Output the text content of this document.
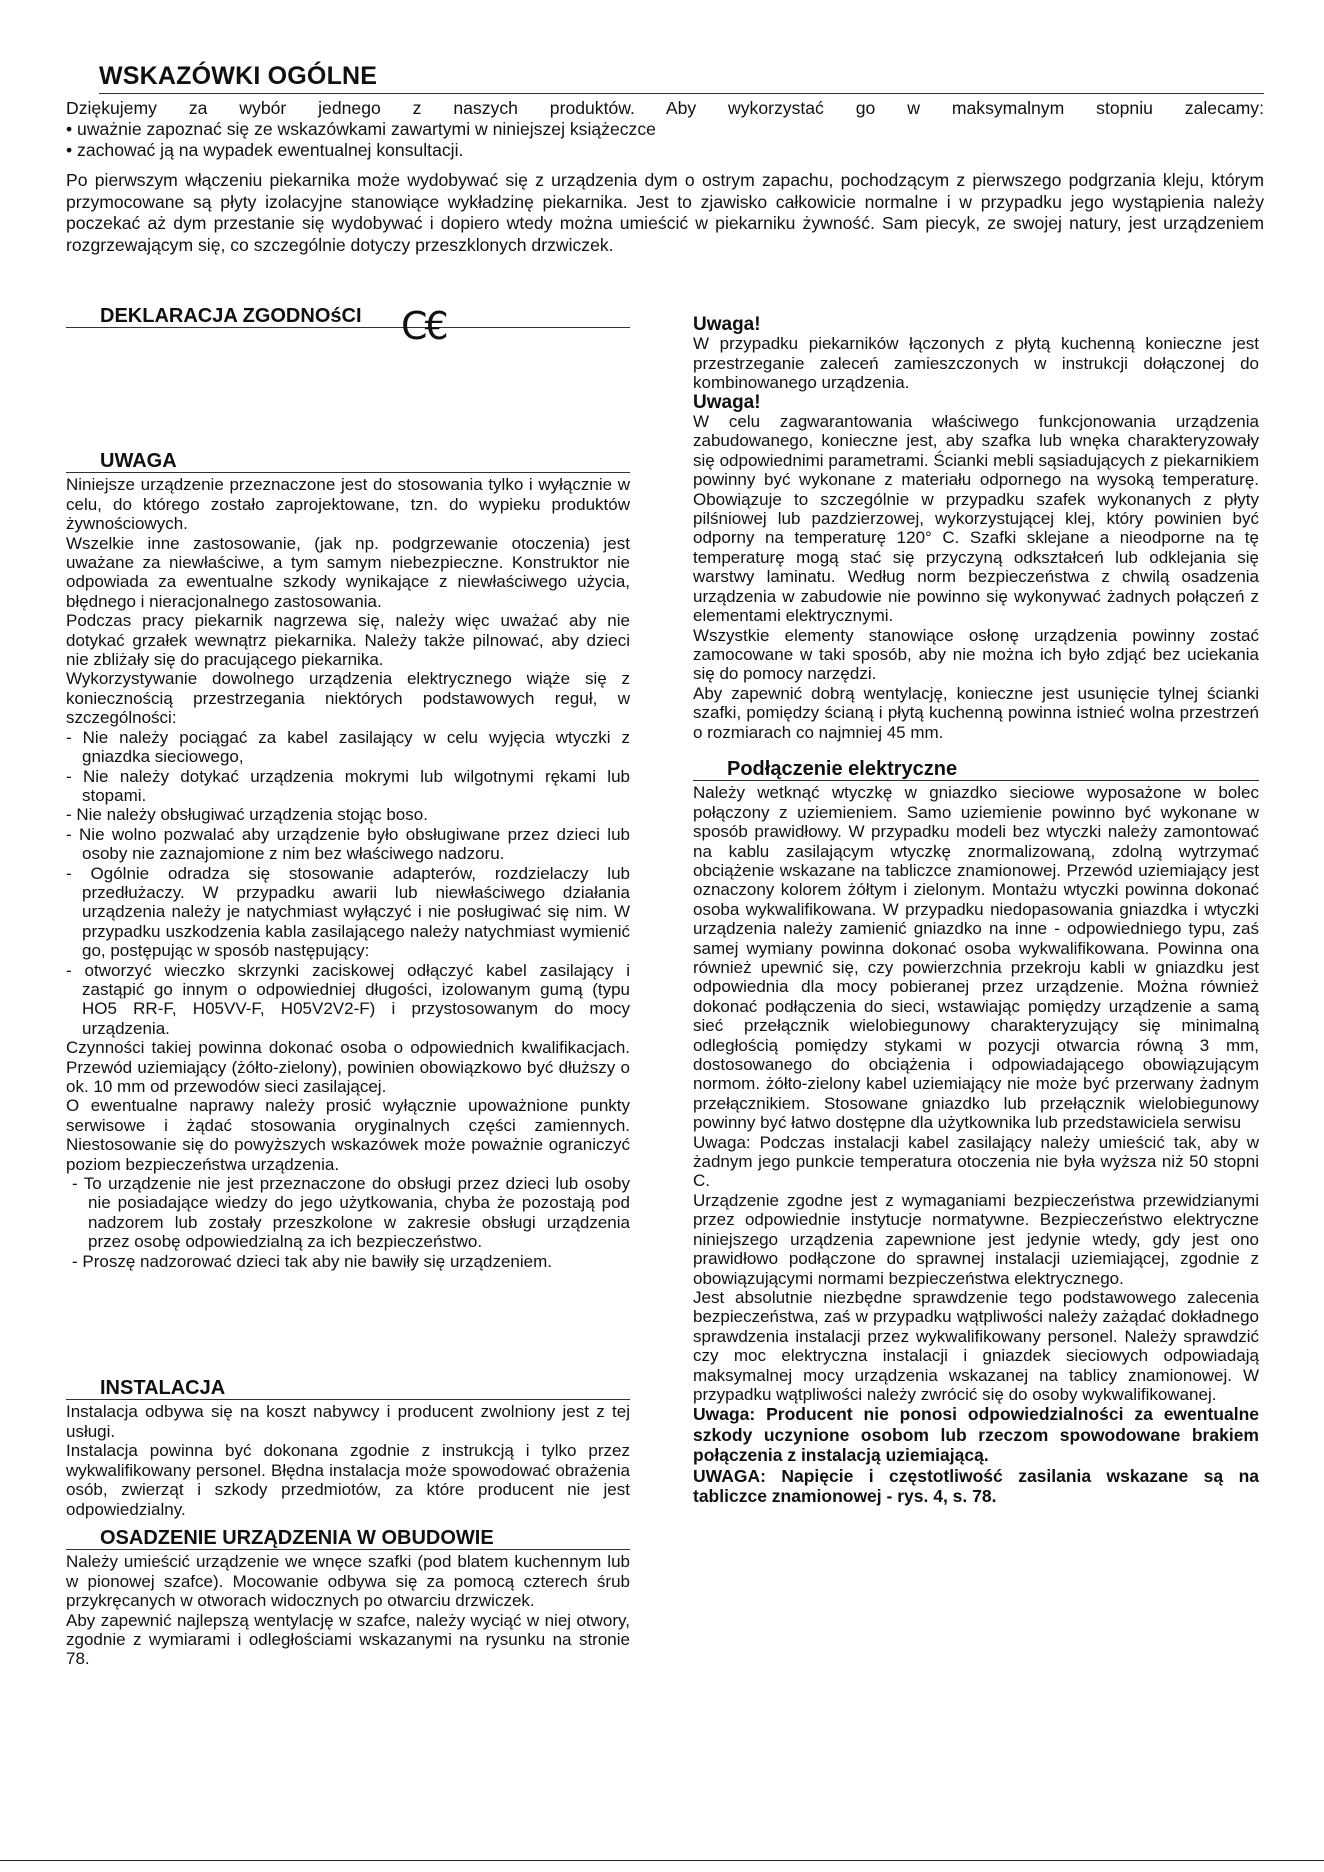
WSKAZÓWKI OGÓLNE

Dziękujemy za wybór jednego z naszych produktów. Aby wykorzystać go w maksymalnym stopniu zalecamy:

• uważnie zapoznać się ze wskazówkami zawartymi w niniejszej książeczce

• zachować ją na wypadek ewentualnej konsultacji.

Po pierwszym włączeniu piekarnika może wydobywać się z urządzenia dym o ostrym zapachu, pochodzącym z pierwszego podgrzania kleju, którym przymocowane są płyty izolacyjne stanowiące wykładzinę piekarnika. Jest to zjawisko całkowicie normalne i w przypadku jego wystąpienia należy poczekać aż dym przestanie się wydobywać i dopiero wtedy można umieścić w piekarniku żywność. Sam piecyk, ze swojej natury, jest urządzeniem rozgrzewającym się, co szczególnie dotyczy przeszklonych drzwiczek.

DEKLARACJA ZGODNOśCI	C€
UWAGA

Niniejsze urządzenie przeznaczone jest do stosowania tylko i wyłącznie w celu, do którego zostało zaprojektowane, tzn. do wypieku produktów żywnościowych.

Wszelkie inne zastosowanie, (jak np. podgrzewanie otoczenia) jest uważane za niewłaściwe, a tym samym niebezpieczne. Konstruktor nie odpowiada za ewentualne szkody wynikające z niewłaściwego użycia, błędnego i nieracjonalnego zastosowania.

Podczas pracy piekarnik nagrzewa się, należy więc uważać aby nie dotykać grzałek wewnątrz piekarnika. Należy także pilnować, aby dzieci nie zbliżały się do pracującego piekarnika.

Wykorzystywanie dowolnego urządzenia elektrycznego wiąże się z koniecznością przestrzegania niektórych podstawowych reguł, w szczególności:

- Nie należy pociągać za kabel zasilający w celu wyjęcia wtyczki z gniazdka sieciowego,

- Nie należy dotykać urządzenia mokrymi lub wilgotnymi rękami lub stopami.

- Nie należy obsługiwać urządzenia stojąc boso.

- Nie wolno pozwalać aby urządzenie było obsługiwane przez dzieci lub osoby nie zaznajomione z nim bez właściwego nadzoru.

- Ogólnie odradza się stosowanie adapterów, rozdzielaczy lub przedłużaczy. W przypadku awarii lub niewłaściwego działania urządzenia należy je natychmiast wyłączyć i nie posługiwać się nim. W przypadku uszkodzenia kabla zasilającego należy natychmiast wymienić go, postępując w sposób następujący:

- otworzyć wieczko skrzynki zaciskowej odłączyć kabel zasilający i zastąpić go innym o odpowiedniej długości, izolowanym gumą (typu HO5 RR-F, H05VV-F, H05V2V2-F) i przystosowanym do mocy urządzenia.

Czynności takiej powinna dokonać osoba o odpowiednich kwalifikacjach. Przewód uziemiający (żółto-zielony), powinien obowiązkowo być dłuższy o ok. 10 mm od przewodów sieci zasilającej.

O ewentualne naprawy należy prosić wyłącznie upoważnione punkty serwisowe i żądać stosowania oryginalnych części zamiennych. Niestosowanie się do powyższych wskazówek może poważnie ograniczyć poziom bezpieczeństwa urządzenia.

- To urządzenie nie jest przeznaczone do obsługi przez dzieci lub osoby nie posiadające wiedzy do jego użytkowania, chyba że pozostają pod nadzorem lub zostały przeszkolone w zakresie obsługi urządzenia przez osobę odpowiedzialną za ich bezpieczeństwo.

- Proszę nadzorować dzieci tak aby nie bawiły się urządzeniem.

INSTALACJA

Instalacja odbywa się na koszt nabywcy i producent zwolniony jest z tej usługi.

Instalacja powinna być dokonana zgodnie z instrukcją i tylko przez wykwalifikowany personel. Błędna instalacja może spowodować obrażenia osób, zwierząt i szkody przedmiotów, za które producent nie jest odpowiedzialny.

OSADZENIE URZĄDZENIA W OBUDOWIE

Należy umieścić urządzenie we wnęce szafki (pod blatem kuchennym lub w pionowej szafce). Mocowanie odbywa się za pomocą czterech śrub przykręcanych w otworach widocznych po otwarciu drzwiczek.

Aby zapewnić najlepszą wentylację w szafce, należy wyciąć w niej otwory, zgodnie z wymiarami i odległościami wskazanymi na rysunku na stronie 78.

Uwaga!

W przypadku piekarników łączonych z płytą kuchenną konieczne jest przestrzeganie zaleceń zamieszczonych w instrukcji dołączonej do kombinowanego urządzenia.

Uwaga!

W celu zagwarantowania właściwego funkcjonowania urządzenia zabudowanego, konieczne jest, aby szafka lub wnęka charakteryzowały się odpowiednimi parametrami. Ścianki mebli sąsiadujących z piekarnikiem powinny być wykonane z materiału odpornego na wysoką temperaturę. Obowiązuje to szczególnie w przypadku szafek wykonanych z płyty pilśniowej lub pazdzierzowej, wykorzystującej klej, który powinien być odporny na temperaturę 120° C. Szafki sklejane a nieodporne na tę temperaturę mogą stać się przyczyną odkształceń lub odklejania się warstwy laminatu. Według norm bezpieczeństwa z chwilą osadzenia urządzenia w zabudowie nie powinno się wykonywać żadnych połączeń z elementami elektrycznymi.

Wszystkie elementy stanowiące osłonę urządzenia powinny zostać zamocowane w taki sposób, aby nie można ich było zdjąć bez uciekania się do pomocy narzędzi.

Aby zapewnić dobrą wentylację, konieczne jest usunięcie tylnej ścianki szafki, pomiędzy ścianą i płytą kuchenną powinna istnieć wolna przestrzeń o rozmiarach co najmniej 45 mm.

Podłączenie elektryczne

Należy wetknąć wtyczkę w gniazdko sieciowe wyposażone w bolec połączony z uziemieniem. Samo uziemienie powinno być wykonane w sposób prawidłowy. W przypadku modeli bez wtyczki należy zamontować na kablu zasilającym wtyczkę znormalizowaną, zdolną wytrzymać obciążenie wskazane na tabliczce znamionowej. Przewód uziemiający jest oznaczony kolorem żółtym i zielonym. Montażu wtyczki powinna dokonać osoba wykwalifikowana. W przypadku niedopasowania gniazdka i wtyczki urządzenia należy zamienić gniazdko na inne - odpowiedniego typu, zaś samej wymiany powinna dokonać osoba wykwalifikowana. Powinna ona również upewnić się, czy powierzchnia przekroju kabli w gniazdku jest odpowiednia dla mocy pobieranej przez urządzenie. Można również dokonać podłączenia do sieci, wstawiając pomiędzy urządzenie a samą sieć przełącznik wielobiegunowy charakteryzujący się minimalną odległością pomiędzy stykami w pozycji otwarcia równą 3 mm, dostosowanego do obciążenia i odpowiadającego obowiązującym normom. żółto-zielony kabel uziemiający nie może być przerwany żadnym przełącznikiem. Stosowane gniazdko lub przełącznik wielobiegunowy powinny być łatwo dostępne dla użytkownika lub przedstawiciela serwisu

Uwaga: Podczas instalacji kabel zasilający należy umieścić tak, aby w żadnym jego punkcie temperatura otoczenia nie była wyższa niż 50 stopni C.

Urządzenie zgodne jest z wymaganiami bezpieczeństwa przewidzianymi przez odpowiednie instytucje normatywne. Bezpieczeństwo elektryczne niniejszego urządzenia zapewnione jest jedynie wtedy, gdy jest ono prawidłowo podłączone do sprawnej instalacji uziemiającej, zgodnie z obowiązującymi normami bezpieczeństwa elektrycznego.

Jest absolutnie niezbędne sprawdzenie tego podstawowego zalecenia bezpieczeństwa, zaś w przypadku wątpliwości należy zażądać dokładnego sprawdzenia instalacji przez wykwalifikowany personel. Należy sprawdzić czy moc elektryczna instalacji i gniazdek sieciowych odpowiadają maksymalnej mocy urządzenia wskazanej na tablicy znamionowej. W przypadku wątpliwości należy zwrócić się do osoby wykwalifikowanej.

Uwaga: Producent nie ponosi odpowiedzialności za ewentualne szkody uczynione osobom lub rzeczom spowodowane brakiem połączenia z instalacją uziemiającą.

UWAGA: Napięcie i częstotliwość zasilania wskazane są na tabliczce znamionowej - rys. 4, s. 78.
